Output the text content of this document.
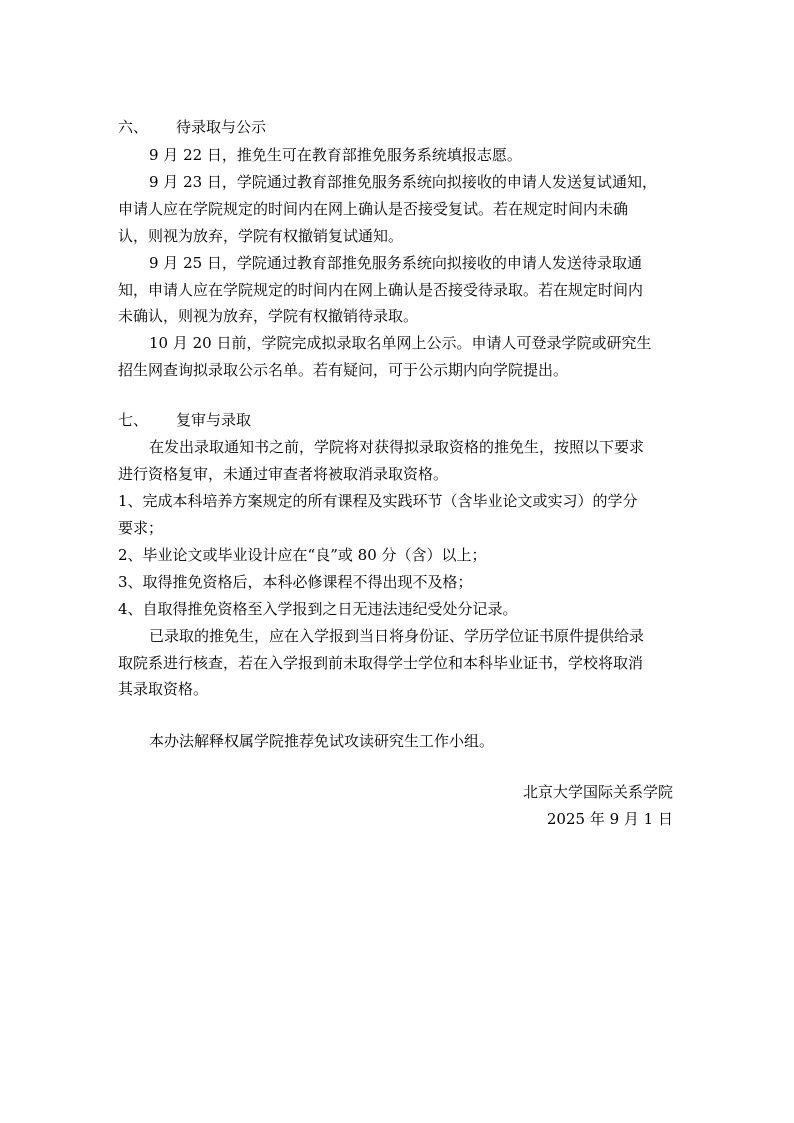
六、 待录取与公示
9 月 22 日，推免生可在教育部推免服务系统填报志愿。
9 月 23 日，学院通过教育部推免服务系统向拟接收的申请人发送复试通知，
申请人应在学院规定的时间内在网上确认是否接受复试。若在规定时间内未确
认，则视为放弃，学院有权撤销复试通知。
9 月 25 日，学院通过教育部推免服务系统向拟接收的申请人发送待录取通
知，申请人应在学院规定的时间内在网上确认是否接受待录取。若在规定时间内
未确认，则视为放弃，学院有权撤销待录取。
10 月 20 日前，学院完成拟录取名单网上公示。申请人可登录学院或研究生
招生网查询拟录取公示名单。若有疑问，可于公示期内向学院提出。
七、 复审与录取
在发出录取通知书之前，学院将对获得拟录取资格的推免生，按照以下要求
进行资格复审，未通过审查者将被取消录取资格。
1、完成本科培养方案规定的所有课程及实践环节（含毕业论文或实习）的学分
要求；
2、毕业论文或毕业设计应在“良”或 80 分（含）以上；
3、取得推免资格后，本科必修课程不得出现不及格；
4、自取得推免资格至入学报到之日无违法违纪受处分记录。
已录取的推免生，应在入学报到当日将身份证、学历学位证书原件提供给录
取院系进行核查，若在入学报到前未取得学士学位和本科毕业证书，学校将取消
其录取资格。
本办法解释权属学院推荐免试攻读研究生工作小组。
北京大学国际关系学院
2025 年 9 月 1 日
